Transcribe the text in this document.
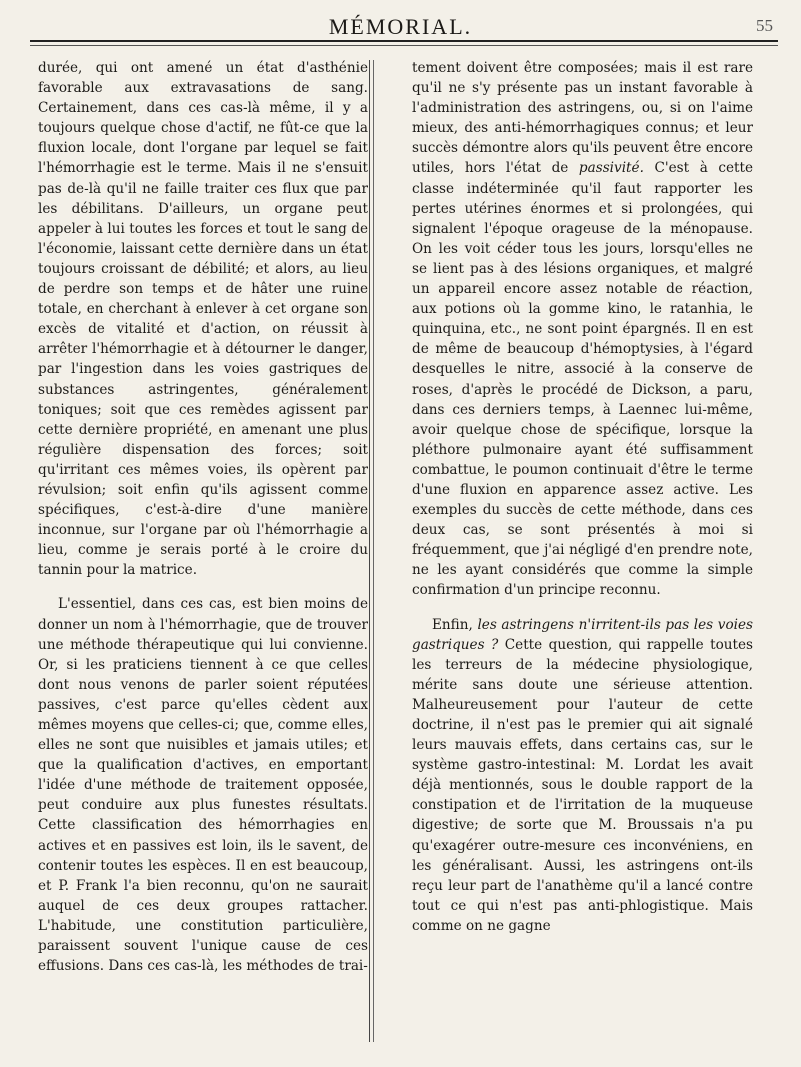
MÉMORIAL.	55

durée, qui ont amené un état d'asthénie favorable aux extravasations de sang. Certainement, dans ces cas-là même, il y a toujours quelque chose d'actif, ne fût-ce que la fluxion locale, dont l'organe par lequel se fait l'hémorrhagie est le terme. Mais il ne s'ensuit pas de-là qu'il ne faille traiter ces flux que par les débilitans. D'ailleurs, un organe peut appeler à lui toutes les forces et tout le sang de l'économie, laissant cette dernière dans un état toujours croissant de débilité; et alors, au lieu de perdre son temps et de hâter une ruine totale, en cherchant à enlever à cet organe son excès de vitalité et d'action, on réussit à arrêter l'hémorrhagie et à détourner le danger, par l'ingestion dans les voies gastriques de substances astringentes, généralement toniques; soit que ces remèdes agissent par cette dernière propriété, en amenant une plus régulière dispensation des forces; soit qu'irritant ces mêmes voies, ils opèrent par révulsion; soit enfin qu'ils agissent comme spécifiques, c'est-à-dire d'une manière inconnue, sur l'organe par où l'hémorrhagie a lieu, comme je serais porté à le croire du tannin pour la matrice.

L'essentiel, dans ces cas, est bien moins de donner un nom à l'hémorrhagie, que de trouver une méthode thérapeutique qui lui convienne. Or, si les praticiens tiennent à ce que celles dont nous venons de parler soient réputées passives, c'est parce qu'elles cèdent aux mêmes moyens que celles-ci; que, comme elles, elles ne sont que nuisibles et jamais utiles; et que la qualification d'actives, en emportant l'idée d'une méthode de traitement opposée, peut conduire aux plus funestes résultats. Cette classification des hémorrhagies en actives et en passives est loin, ils le savent, de contenir toutes les espèces. Il en est beaucoup, et P. Frank l'a bien reconnu, qu'on ne saurait auquel de ces deux groupes rattacher. L'habitude, une constitution particulière, paraissent souvent l'unique cause de ces effusions. Dans ces cas-là, les méthodes de trai-

tement doivent être composées; mais il est rare qu'il ne s'y présente pas un instant favorable à l'administration des astringens, ou, si on l'aime mieux, des anti-hémorrhagiques connus; et leur succès démontre alors qu'ils peuvent être encore utiles, hors l'état de passivité. C'est à cette classe indéterminée qu'il faut rapporter les pertes utérines énormes et si prolongées, qui signalent l'époque orageuse de la ménopause. On les voit céder tous les jours, lorsqu'elles ne se lient pas à des lésions organiques, et malgré un appareil encore assez notable de réaction, aux potions où la gomme kino, le ratanhia, le quinquina, etc., ne sont point épargnés. Il en est de même de beaucoup d'hémoptysies, à l'égard desquelles le nitre, associé à la conserve de roses, d'après le procédé de Dickson, a paru, dans ces derniers temps, à Laennec lui-même, avoir quelque chose de spécifique, lorsque la pléthore pulmonaire ayant été suffisamment combattue, le poumon continuait d'être le terme d'une fluxion en apparence assez active. Les exemples du succès de cette méthode, dans ces deux cas, se sont présentés à moi si fréquemment, que j'ai négligé d'en prendre note, ne les ayant considérés que comme la simple confirmation d'un principe reconnu.

Enfin, les astringens n'irritent-ils pas les voies gastriques ? Cette question, qui rappelle toutes les terreurs de la médecine physiologique, mérite sans doute une sérieuse attention. Malheureusement pour l'auteur de cette doctrine, il n'est pas le premier qui ait signalé leurs mauvais effets, dans certains cas, sur le système gastro-intestinal: M. Lordat les avait déjà mentionnés, sous le double rapport de la constipation et de l'irritation de la muqueuse digestive; de sorte que M. Broussais n'a pu qu'exagérer outre-mesure ces inconvéniens, en les généralisant. Aussi, les astringens ont-ils reçu leur part de l'anathème qu'il a lancé contre tout ce qui n'est pas anti-phlogistique. Mais comme on ne gagne
